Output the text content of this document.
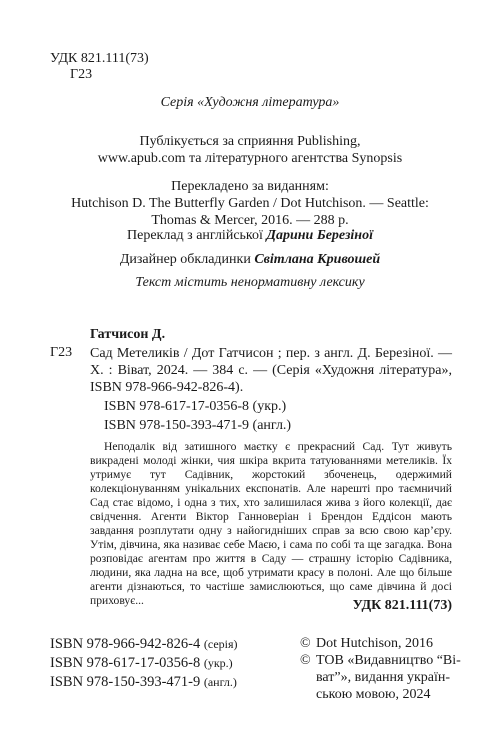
УДК 821.111(73)
Г23
Серія «Художня література»
Публікується за сприяння Publishing,
www.apub.com та літературного агентства Synopsis
Перекладено за виданням:
Hutchison D. The Butterfly Garden / Dot Hutchison. — Seattle:
Thomas & Mercer, 2016. — 288 p.
Переклад з англійської Дарини Березіної
Дизайнер обкладинки Світлана Кривошей
Текст містить ненормативну лексику
Гатчисон Д.
Г23 Сад Метеликів / Дот Гатчисон ; пер. з англ. Д. Березіної. — Х. : Віват, 2024. — 384 с. — (Серія «Художня література», ISBN 978-966-942-826-4).
ISBN 978-617-17-0356-8 (укр.)
ISBN 978-150-393-471-9 (англ.)
Неподалік від затишного маєтку є прекрасний Сад. Тут живуть викрадені молоді жінки, чия шкіра вкрита татуюваннями метеликів. Їх утримує тут Садівник, жорстокий збоченець, одержимий колекціонуванням унікальних експонатів. Але нарешті про таємничий Сад стає відомо, і одна з тих, хто залишилася жива з його колекції, дає свідчення. Агенти Віктор Ганноверіан і Брендон Еддісон мають завдання розплутати одну з найогидніших справ за всю свою кар’єру. Утім, дівчина, яка називає себе Маєю, і сама по собі та ще загадка. Вона розповідає агентам про життя в Саду — страшну історію Садівника, людини, яка ладна на все, щоб утримати красу в полоні. Але що більше агенти дізнаються, то частіше замислюються, що саме дівчина й досі приховує...	УДК 821.111(73)
ISBN 978-966-942-826-4 (серія)
ISBN 978-617-17-0356-8 (укр.)
ISBN 978-150-393-471-9 (англ.)
© Dot Hutchison, 2016
© ТОВ «Видавництво “Ві-
ват”», видання україн-
ською мовою, 2024
